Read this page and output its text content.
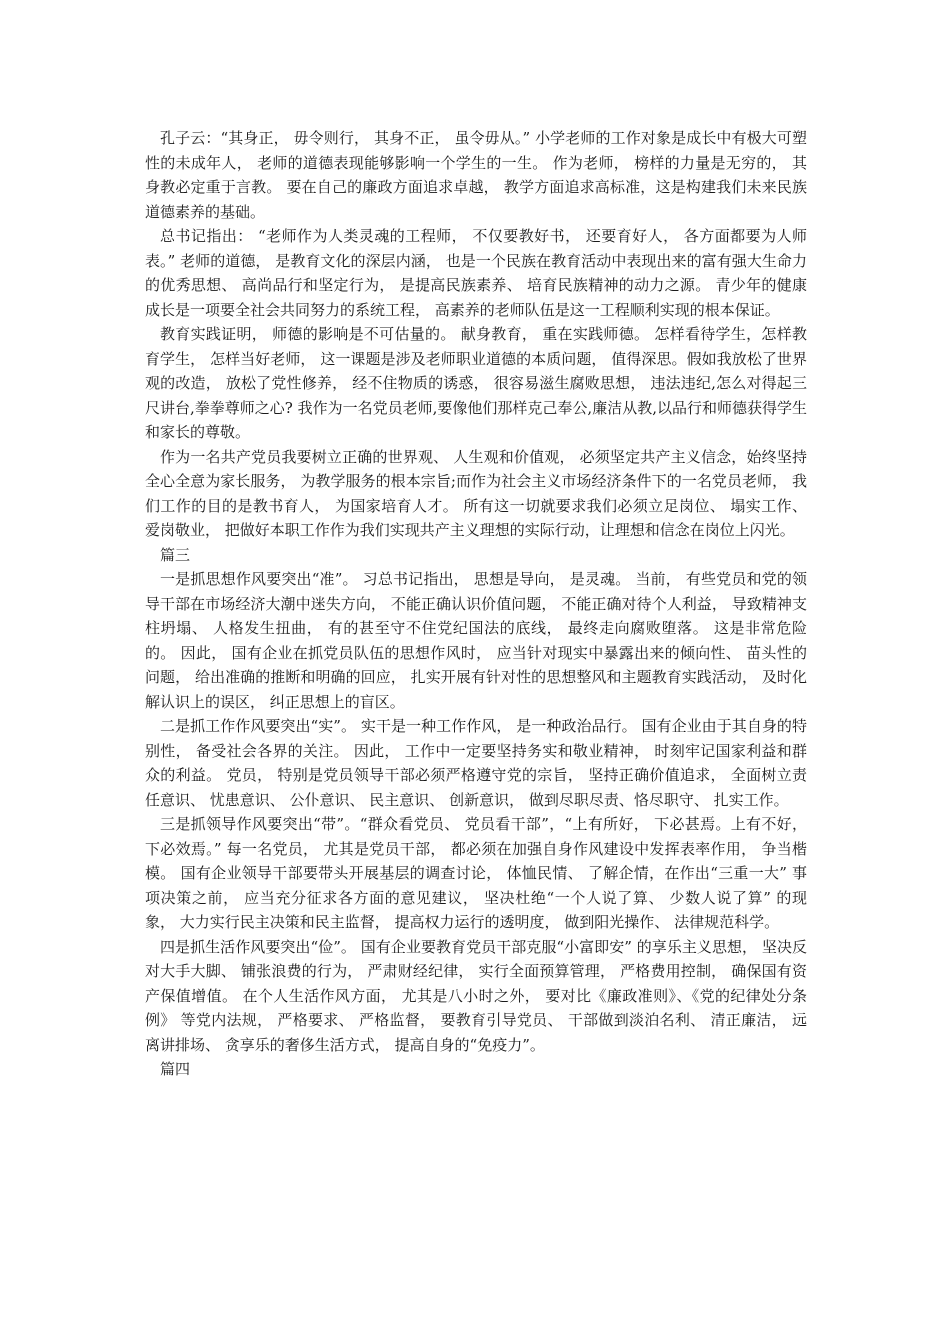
孔子云：“其身正， 毋令则行， 其身不正， 虽令毋从。” 小学老师的工作对象是成长中有极大可塑性的未成年人， 老师的道德表现能够影响一个学生的一生。 作为老师， 榜样的力量是无穷的， 其身教必定重于言教。 要在自己的廉政方面追求卓越， 教学方面追求高标准，这是构建我们未来民族道德素养的基础。

总书记指出： “老师作为人类灵魂的工程师， 不仅要教好书， 还要育好人， 各方面都要为人师表。” 老师的道德， 是教育文化的深层内涵， 也是一个民族在教育活动中表现出来的富有强大生命力的优秀思想、 高尚品行和坚定行为， 是提高民族素养、 培育民族精神的动力之源。 青少年的健康成长是一项要全社会共同努力的系统工程， 高素养的老师队伍是这一工程顺利实现的根本保证。

教育实践证明， 师德的影响是不可估量的。 献身教育， 重在实践师德。 怎样看待学生，怎样教育学生， 怎样当好老师， 这一课题是涉及老师职业道德的本质问题， 值得深思。假如我放松了世界观的改造， 放松了党性修养， 经不住物质的诱惑， 很容易滋生腐败思想， 违法违纪,怎么对得起三尺讲台,拳拳尊师之心? 我作为一名党员老师,要像他们那样克己奉公,廉洁从教,以品行和师德获得学生和家长的尊敬。

作为一名共产党员我要树立正确的世界观、 人生观和价值观， 必须坚定共产主义信念，始终坚持全心全意为家长服务， 为教学服务的根本宗旨;而作为社会主义市场经济条件下的一名党员老师， 我们工作的目的是教书育人， 为国家培育人才。 所有这一切就要求我们必须立足岗位、 塌实工作、 爱岗敬业， 把做好本职工作作为我们实现共产主义理想的实际行动，让理想和信念在岗位上闪光。

篇三

一是抓思想作风要突出“准”。 习总书记指出， 思想是导向， 是灵魂。 当前， 有些党员和党的领导干部在市场经济大潮中迷失方向， 不能正确认识价值问题， 不能正确对待个人利益， 导致精神支柱坍塌、 人格发生扭曲， 有的甚至守不住党纪国法的底线， 最终走向腐败堕落。 这是非常危险的。 因此， 国有企业在抓党员队伍的思想作风时， 应当针对现实中暴露出来的倾向性、 苗头性的问题， 给出准确的推断和明确的回应， 扎实开展有针对性的思想整风和主题教育实践活动， 及时化解认识上的误区， 纠正思想上的盲区。

二是抓工作作风要突出“实”。 实干是一种工作作风， 是一种政治品行。 国有企业由于其自身的特别性， 备受社会各界的关注。 因此， 工作中一定要坚持务实和敬业精神， 时刻牢记国家利益和群众的利益。 党员， 特别是党员领导干部必须严格遵守党的宗旨， 坚持正确价值追求， 全面树立责任意识、 忧患意识、 公仆意识、 民主意识、 创新意识， 做到尽职尽责、恪尽职守、 扎实工作。

三是抓领导作风要突出“带”。“群众看党员、 党员看干部”，“上有所好， 下必甚焉。上有不好， 下必效焉。” 每一名党员， 尤其是党员干部， 都必须在加强自身作风建设中发挥表率作用， 争当楷模。 国有企业领导干部要带头开展基层的调查讨论， 体恤民情、 了解企情，在作出“三重一大” 事项决策之前， 应当充分征求各方面的意见建议， 坚决杜绝“一个人说了算、 少数人说了算” 的现象， 大力实行民主决策和民主监督， 提高权力运行的透明度， 做到阳光操作、 法律规范科学。

四是抓生活作风要突出“俭”。 国有企业要教育党员干部克服“小富即安” 的享乐主义思想， 坚决反对大手大脚、 铺张浪费的行为， 严肃财经纪律， 实行全面预算管理， 严格费用控制， 确保国有资产保值增值。 在个人生活作风方面， 尤其是八小时之外， 要对比《廉政准则》、《党的纪律处分条例》 等党内法规， 严格要求、 严格监督， 要教育引导党员、 干部做到淡泊名利、 清正廉洁， 远离讲排场、 贪享乐的奢侈生活方式， 提高自身的“免疫力”。

篇四
